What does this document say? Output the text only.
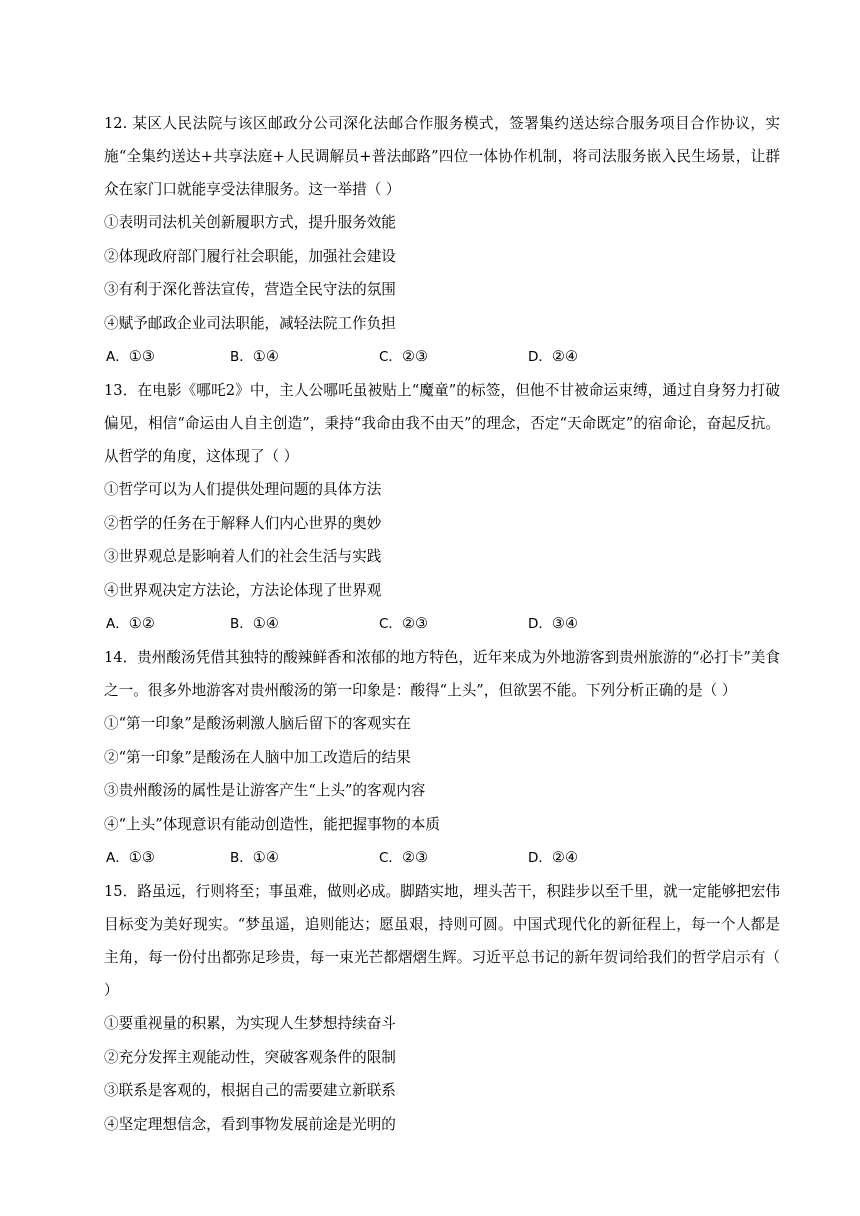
12. 某区人民法院与该区邮政分公司深化法邮合作服务模式，签署集约送达综合服务项目合作协议，实施“全集约送达+共享法庭+人民调解员+普法邮路”四位一体协作机制，将司法服务嵌入民生场景，让群众在家门口就能享受法律服务。这一举措（ ）

①表明司法机关创新履职方式，提升服务效能

②体现政府部门履行社会职能，加强社会建设

③有利于深化普法宣传，营造全民守法的氛围

④赋予邮政企业司法职能，减轻法院工作负担

A．①③	B．①④	C．②③	D．②④

13．在电影《哪吒2》中，主人公哪吒虽被贴上“魔童”的标签，但他不甘被命运束缚，通过自身努力打破偏见，相信“命运由人自主创造”，秉持“我命由我不由天”的理念，否定“天命既定”的宿命论，奋起反抗。从哲学的角度，这体现了（ ）

①哲学可以为人们提供处理问题的具体方法

②哲学的任务在于解释人们内心世界的奥妙

③世界观总是影响着人们的社会生活与实践

④世界观决定方法论，方法论体现了世界观

A．①②	B．①④	C．②③	D．③④

14．贵州酸汤凭借其独特的酸辣鲜香和浓郁的地方特色，近年来成为外地游客到贵州旅游的“必打卡”美食之一。很多外地游客对贵州酸汤的第一印象是：酸得“上头”，但欲罢不能。下列分析正确的是（ ）

①“第一印象”是酸汤刺激人脑后留下的客观实在

②“第一印象”是酸汤在人脑中加工改造后的结果

③贵州酸汤的属性是让游客产生“上头”的客观内容

④“上头”体现意识有能动创造性，能把握事物的本质

A．①③	B．①④	C．②③	D．②④

15．路虽远，行则将至；事虽难，做则必成。脚踏实地，埋头苦干，积跬步以至千里，就一定能够把宏伟目标变为美好现实。“梦虽遥，追则能达；愿虽艰，持则可圆。中国式现代化的新征程上，每一个人都是主角，每一份付出都弥足珍贵，每一束光芒都熠熠生辉。习近平总书记的新年贺词给我们的哲学启示有（ ）

①要重视量的积累，为实现人生梦想持续奋斗

②充分发挥主观能动性，突破客观条件的限制

③联系是客观的，根据自己的需要建立新联系

④坚定理想信念，看到事物发展前途是光明的
